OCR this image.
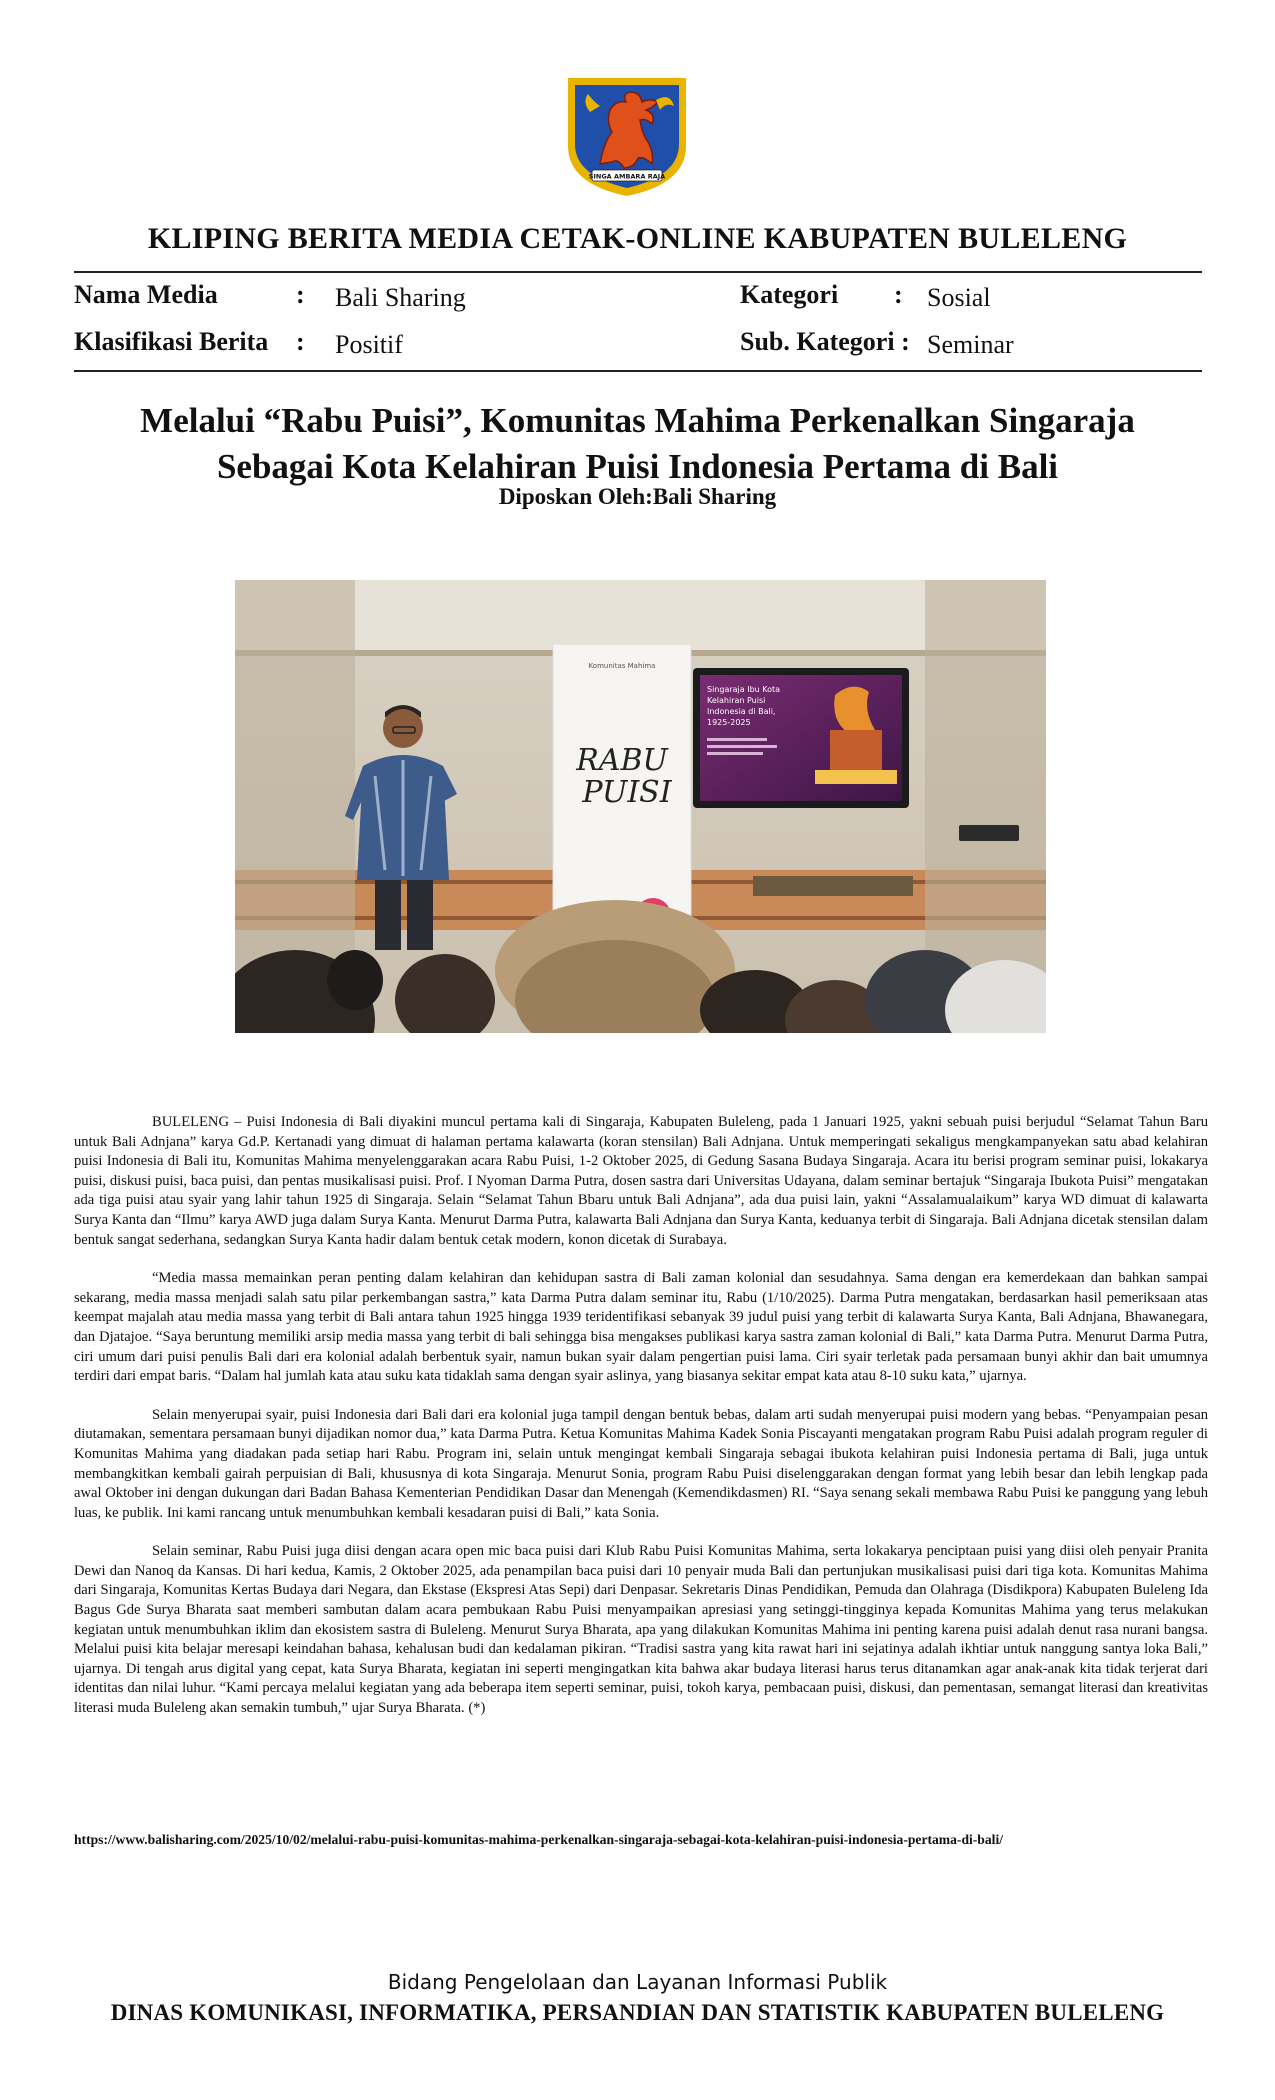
SINGA AMBARA RAJA
KLIPING BERITA MEDIA CETAK-ONLINE KABUPATEN BULELENG
Nama Media	: Bali Sharing	Kategori : Sosial
Klasifikasi Berita : Positif	Sub. Kategori : Seminar
Melalui “Rabu Puisi”, Komunitas Mahima Perkenalkan Singaraja
Sebagai Kota Kelahiran Puisi Indonesia Pertama di Bali
Diposkan Oleh:Bali Sharing
Komunitas Mahima
RABU
PUISI
Singaraja Ibu Kota
Kelahiran Puisi
Indonesia di Bali,
1925-2025

BULELENG – Puisi Indonesia di Bali diyakini muncul pertama kali di Singaraja, Kabupaten Buleleng, pada 1 Januari 1925, yakni sebuah puisi berjudul “Selamat Tahun Baru untuk Bali Adnjana” karya Gd.P. Kertanadi yang dimuat di halaman pertama kalawarta (koran stensilan) Bali Adnjana. Untuk memperingati sekaligus mengkampanyekan satu abad kelahiran puisi Indonesia di Bali itu, Komunitas Mahima menyelenggarakan acara Rabu Puisi, 1-2 Oktober 2025, di Gedung Sasana Budaya Singaraja. Acara itu berisi program seminar puisi, lokakarya puisi, diskusi puisi, baca puisi, dan pentas musikalisasi puisi. Prof. I Nyoman Darma Putra, dosen sastra dari Universitas Udayana, dalam seminar bertajuk “Singaraja Ibukota Puisi” mengatakan ada tiga puisi atau syair yang lahir tahun 1925 di Singaraja. Selain “Selamat Tahun Bbaru untuk Bali Adnjana”, ada dua puisi lain, yakni “Assalamualaikum” karya WD dimuat di kalawarta Surya Kanta dan “Ilmu” karya AWD juga dalam Surya Kanta. Menurut Darma Putra, kalawarta Bali Adnjana dan Surya Kanta, keduanya terbit di Singaraja. Bali Adnjana dicetak stensilan dalam bentuk sangat sederhana, sedangkan Surya Kanta hadir dalam bentuk cetak modern, konon dicetak di Surabaya.

“Media massa memainkan peran penting dalam kelahiran dan kehidupan sastra di Bali zaman kolonial dan sesudahnya. Sama dengan era kemerdekaan dan bahkan sampai sekarang, media massa menjadi salah satu pilar perkembangan sastra,” kata Darma Putra dalam seminar itu, Rabu (1/10/2025). Darma Putra mengatakan, berdasarkan hasil pemeriksaan atas keempat majalah atau media massa yang terbit di Bali antara tahun 1925 hingga 1939 teridentifikasi sebanyak 39 judul puisi yang terbit di kalawarta Surya Kanta, Bali Adnjana, Bhawanegara, dan Djatajoe. “Saya beruntung memiliki arsip media massa yang terbit di bali sehingga bisa mengakses publikasi karya sastra zaman kolonial di Bali,” kata Darma Putra. Menurut Darma Putra, ciri umum dari puisi penulis Bali dari era kolonial adalah berbentuk syair, namun bukan syair dalam pengertian puisi lama. Ciri syair terletak pada persamaan bunyi akhir dan bait umumnya terdiri dari empat baris. “Dalam hal jumlah kata atau suku kata tidaklah sama dengan syair aslinya, yang biasanya sekitar empat kata atau 8-10 suku kata,” ujarnya.

Selain menyerupai syair, puisi Indonesia dari Bali dari era kolonial juga tampil dengan bentuk bebas, dalam arti sudah menyerupai puisi modern yang bebas. “Penyampaian pesan diutamakan, sementara persamaan bunyi dijadikan nomor dua,” kata Darma Putra. Ketua Komunitas Mahima Kadek Sonia Piscayanti mengatakan program Rabu Puisi adalah program reguler di Komunitas Mahima yang diadakan pada setiap hari Rabu. Program ini, selain untuk mengingat kembali Singaraja sebagai ibukota kelahiran puisi Indonesia pertama di Bali, juga untuk membangkitkan kembali gairah perpuisian di Bali, khususnya di kota Singaraja. Menurut Sonia, program Rabu Puisi diselenggarakan dengan format yang lebih besar dan lebih lengkap pada awal Oktober ini dengan dukungan dari Badan Bahasa Kementerian Pendidikan Dasar dan Menengah (Kemendikdasmen) RI. “Saya senang sekali membawa Rabu Puisi ke panggung yang lebuh luas, ke publik. Ini kami rancang untuk menumbuhkan kembali kesadaran puisi di Bali,” kata Sonia.

Selain seminar, Rabu Puisi juga diisi dengan acara open mic baca puisi dari Klub Rabu Puisi Komunitas Mahima, serta lokakarya penciptaan puisi yang diisi oleh penyair Pranita Dewi dan Nanoq da Kansas. Di hari kedua, Kamis, 2 Oktober 2025, ada penampilan baca puisi dari 10 penyair muda Bali dan pertunjukan musikalisasi puisi dari tiga kota. Komunitas Mahima dari Singaraja, Komunitas Kertas Budaya dari Negara, dan Ekstase (Ekspresi Atas Sepi) dari Denpasar. Sekretaris Dinas Pendidikan, Pemuda dan Olahraga (Disdikpora) Kabupaten Buleleng Ida Bagus Gde Surya Bharata saat memberi sambutan dalam acara pembukaan Rabu Puisi menyampaikan apresiasi yang setinggi-tingginya kepada Komunitas Mahima yang terus melakukan kegiatan untuk menumbuhkan iklim dan ekosistem sastra di Buleleng. Menurut Surya Bharata, apa yang dilakukan Komunitas Mahima ini penting karena puisi adalah denut rasa nurani bangsa. Melalui puisi kita belajar meresapi keindahan bahasa, kehalusan budi dan kedalaman pikiran. “Tradisi sastra yang kita rawat hari ini sejatinya adalah ikhtiar untuk nanggung santya loka Bali,” ujarnya. Di tengah arus digital yang cepat, kata Surya Bharata, kegiatan ini seperti mengingatkan kita bahwa akar budaya literasi harus terus ditanamkan agar anak-anak kita tidak terjerat dari identitas dan nilai luhur. “Kami percaya melalui kegiatan yang ada beberapa item seperti seminar, puisi, tokoh karya, pembacaan puisi, diskusi, dan pementasan, semangat literasi dan kreativitas literasi muda Buleleng akan semakin tumbuh,” ujar Surya Bharata. (*)

https://www.balisharing.com/2025/10/02/melalui-rabu-puisi-komunitas-mahima-perkenalkan-singaraja-sebagai-kota-kelahiran-puisi-indonesia-pertama-di-bali/
Bidang Pengelolaan dan Layanan Informasi Publik
DINAS KOMUNIKASI, INFORMATIKA, PERSANDIAN DAN STATISTIK KABUPATEN BULELENG
